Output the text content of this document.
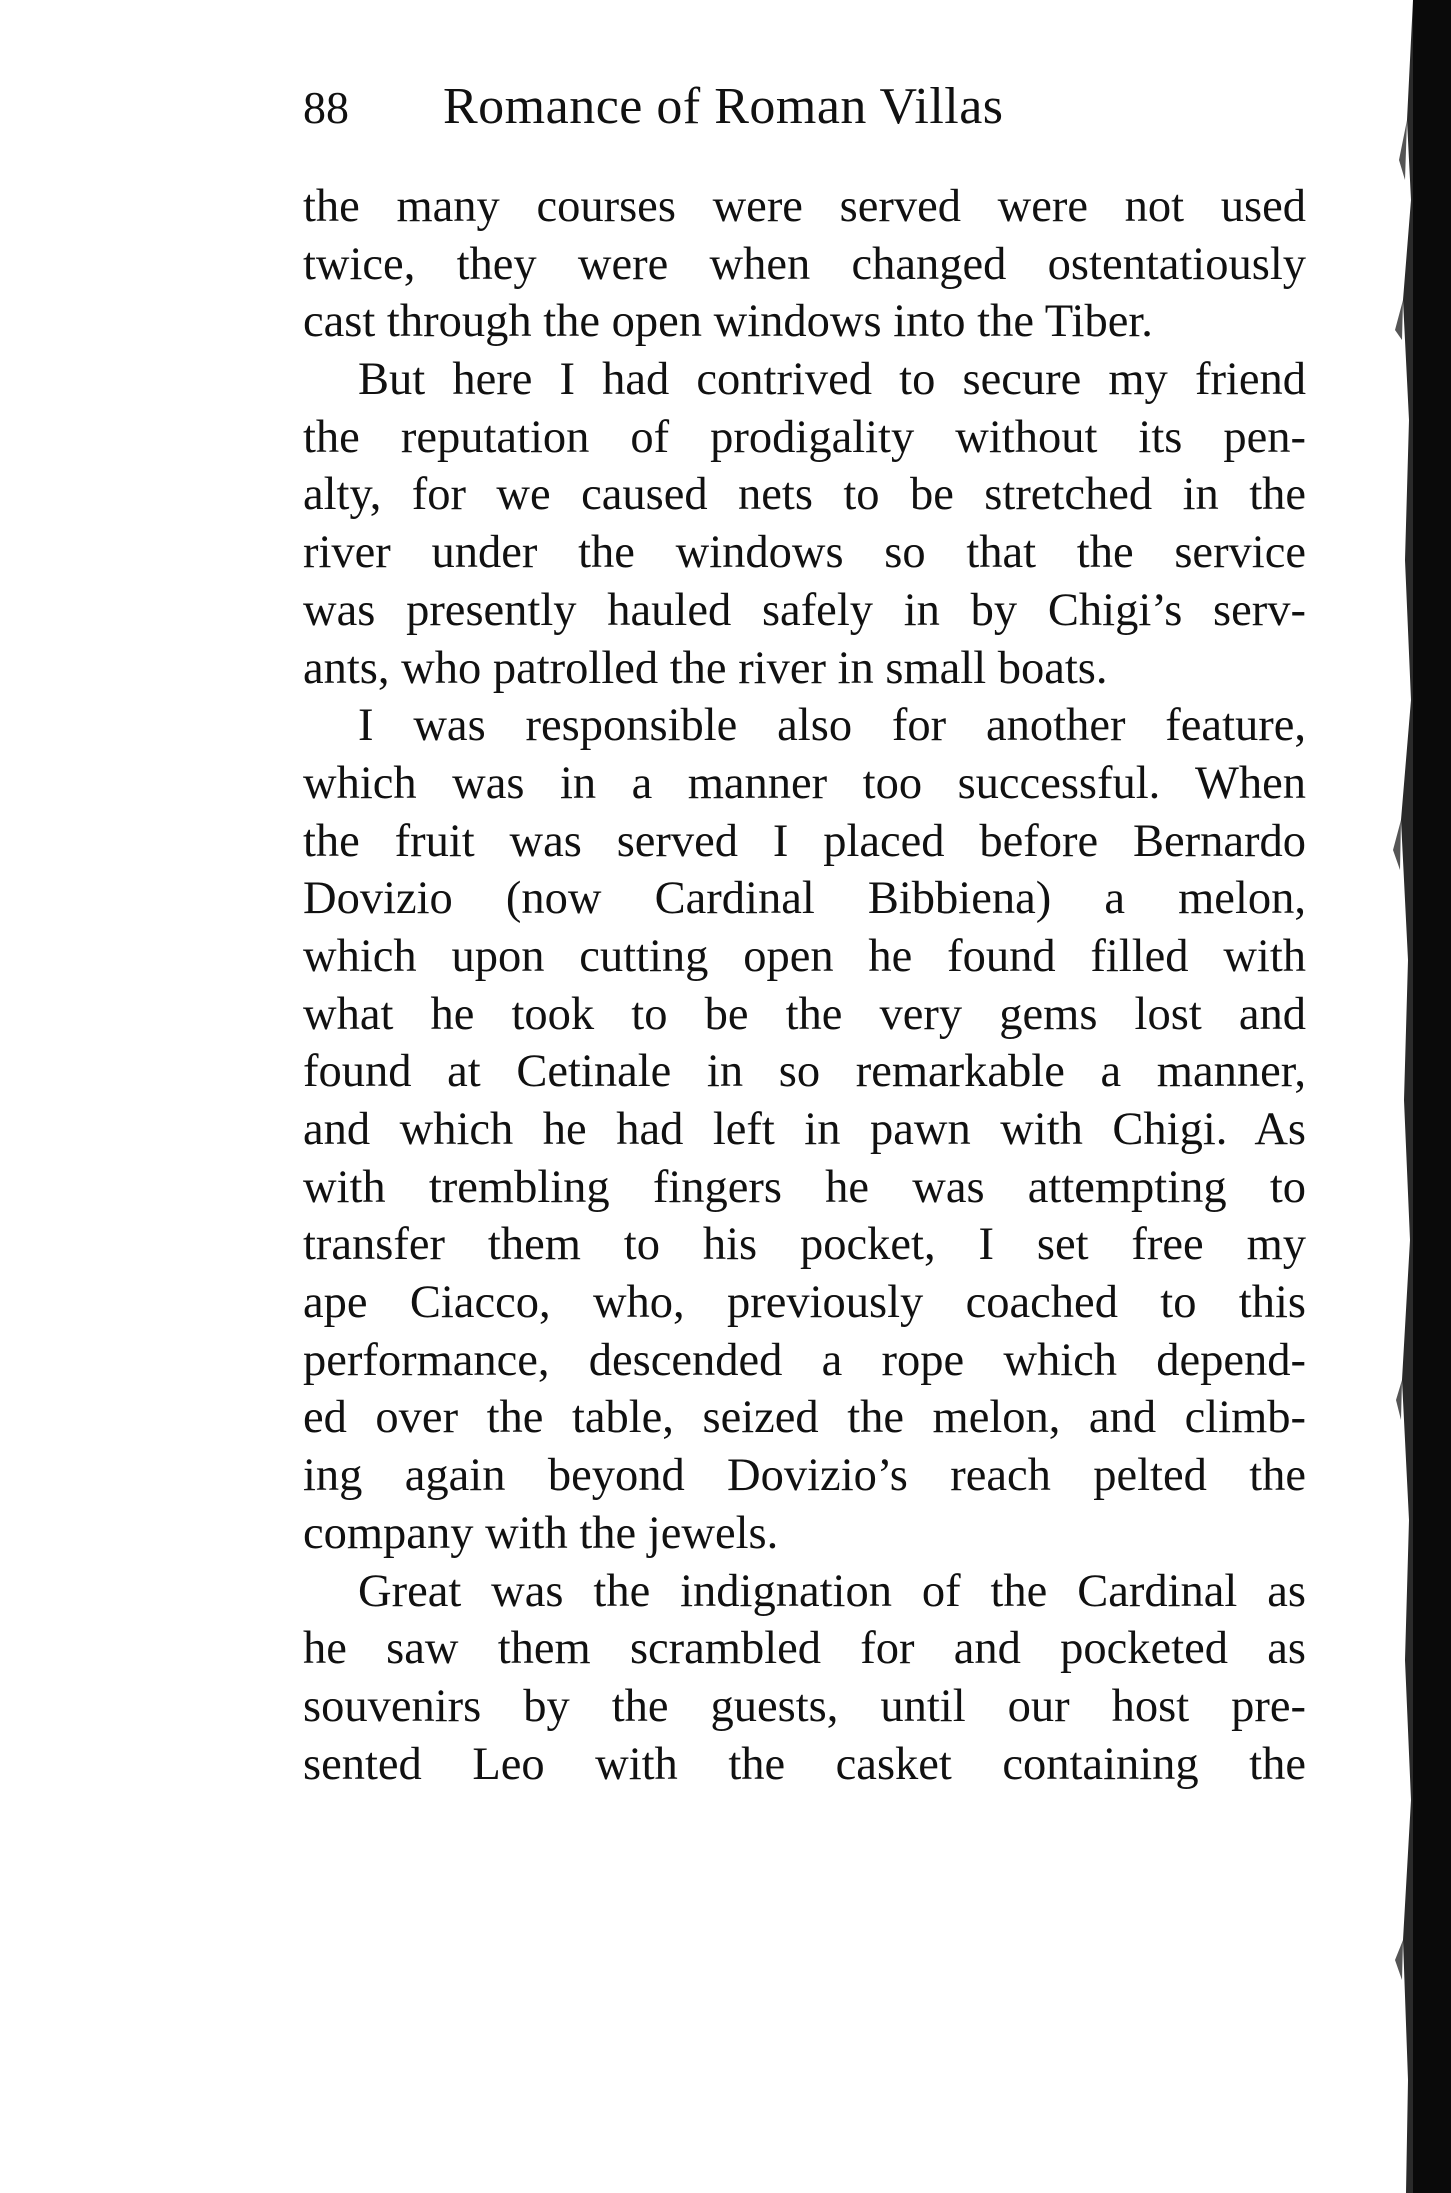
88 Romance of Roman Villas
the many courses were served were not used
twice, they were when changed ostentatiously
cast through the open windows into the Tiber.
But here I had contrived to secure my friend
the reputation of prodigality without its pen-
alty, for we caused nets to be stretched in the
river under the windows so that the service
was presently hauled safely in by Chigi’s serv-
ants, who patrolled the river in small boats.
I was responsible also for another feature,
which was in a manner too successful. When
the fruit was served I placed before Bernardo
Dovizio (now Cardinal Bibbiena) a melon,
which upon cutting open he found filled with
what he took to be the very gems lost and
found at Cetinale in so remarkable a manner,
and which he had left in pawn with Chigi. As
with trembling fingers he was attempting to
transfer them to his pocket, I set free my
ape Ciacco, who, previously coached to this
performance, descended a rope which depend-
ed over the table, seized the melon, and climb-
ing again beyond Dovizio’s reach pelted the
company with the jewels.
Great was the indignation of the Cardinal as
he saw them scrambled for and pocketed as
souvenirs by the guests, until our host pre-
sented Leo with the casket containing the
